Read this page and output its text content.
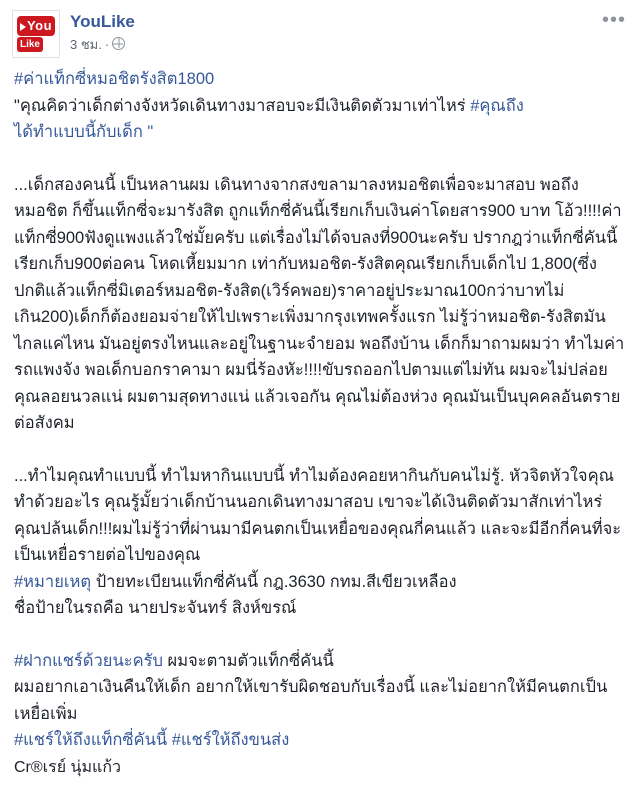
You
Like
YouLike
3 ชม. ·
•••

#ค่าแท็กซี่หมอชิตรังสิต1800

"คุณคิดว่าเด็กต่างจังหวัดเดินทางมาสอบจะมีเงินติดตัวมาเท่าไหร่ #คุณถึง

ได้ทำแบบนี้กับเด็ก "

...เด็กสองคนนี้ เป็นหลานผม เดินทางจากสงขลามาลงหมอชิตเพื่อจะมาสอบ พอถึงหมอชิต ก็ขึ้นแท็กซี่จะมารังสิต ถูกแท็กซี่คันนี้เรียกเก็บเงินค่าโดยสาร900 บาท โอ้ว!!!!ค่าแท็กซี่900ฟังดูแพงแล้วใช่มั้ยครับ แต่เรื่องไม่ได้จบลงที่900นะครับ ปรากฎว่าแท็กซี่คันนี้เรียกเก็บ900ต่อคน โหดเหี้ยมมาก เท่ากับหมอชิต-รังสิตคุณเรียกเก็บเด็กไป 1,800(ซึ่งปกติแล้วแท็กซี่มิเตอร์หมอชิต-รังสิต(เวิร์คพอย)ราคาอยู่ประมาณ100กว่าบาทไม่เกิน200)เด็กก็ต้องยอมจ่ายให้ไปเพราะเพิ่งมากรุงเทพครั้งแรก ไม่รู้ว่าหมอชิต-รังสิตมันไกลแค่ไหน มันอยู่ตรงไหนและอยู่ในฐานะจำยอม พอถึงบ้าน เด็กก็มาถามผมว่า ทำไมค่ารถแพงจัง พอเด็กบอกราคามา ผมนี่ร้องหัะ!!!!ขับรถออกไปตามแต่ไม่ทัน ผมจะไม่ปล่อยคุณลอยนวลแน่ ผมตามสุดทางแน่ แล้วเจอกัน คุณไม่ต้องห่วง คุณมันเป็นบุคคลอันตรายต่อสังคม

...ทำไมคุณทำแบบนี้ ทำไมหากินแบบนี้ ทำไมต้องคอยหากินกับคนไม่รู้. หัวจิตหัวใจคุณทำด้วยอะไร คุณรู้มั้ยว่าเด็กบ้านนอกเดินทางมาสอบ เขาจะได้เงินติดตัวมาสักเท่าไหร่ คุณปล้นเด็ก!!!ผมไม่รู้ว่าที่ผ่านมามีคนตกเป็นเหยื่อของคุณกี่คนแล้ว และจะมีอีกกี่คนที่จะเป็นเหยื่อรายต่อไปของคุณ

#หมายเหตุ ป้ายทะเบียนแท็กซี่คันนี้ กฎ.3630 กทม.สีเขียวเหลือง

ชื่อป้ายในรถคือ นายประจันทร์ สิงห์ขรณ์

#ฝากแชร์ด้วยนะครับ ผมจะตามตัวแท็กซี่คันนี้

ผมอยากเอาเงินคืนให้เด็ก อยากให้เขารับผิดชอบกับเรื่องนี้ และไม่อยากให้มีคนตกเป็นเหยื่อเพิ่ม

#แชร์ให้ถึงแท็กซี่คันนี้ #แชร์ให้ถึงขนส่ง

Cr®เรย์ นุ่มแก้ว
